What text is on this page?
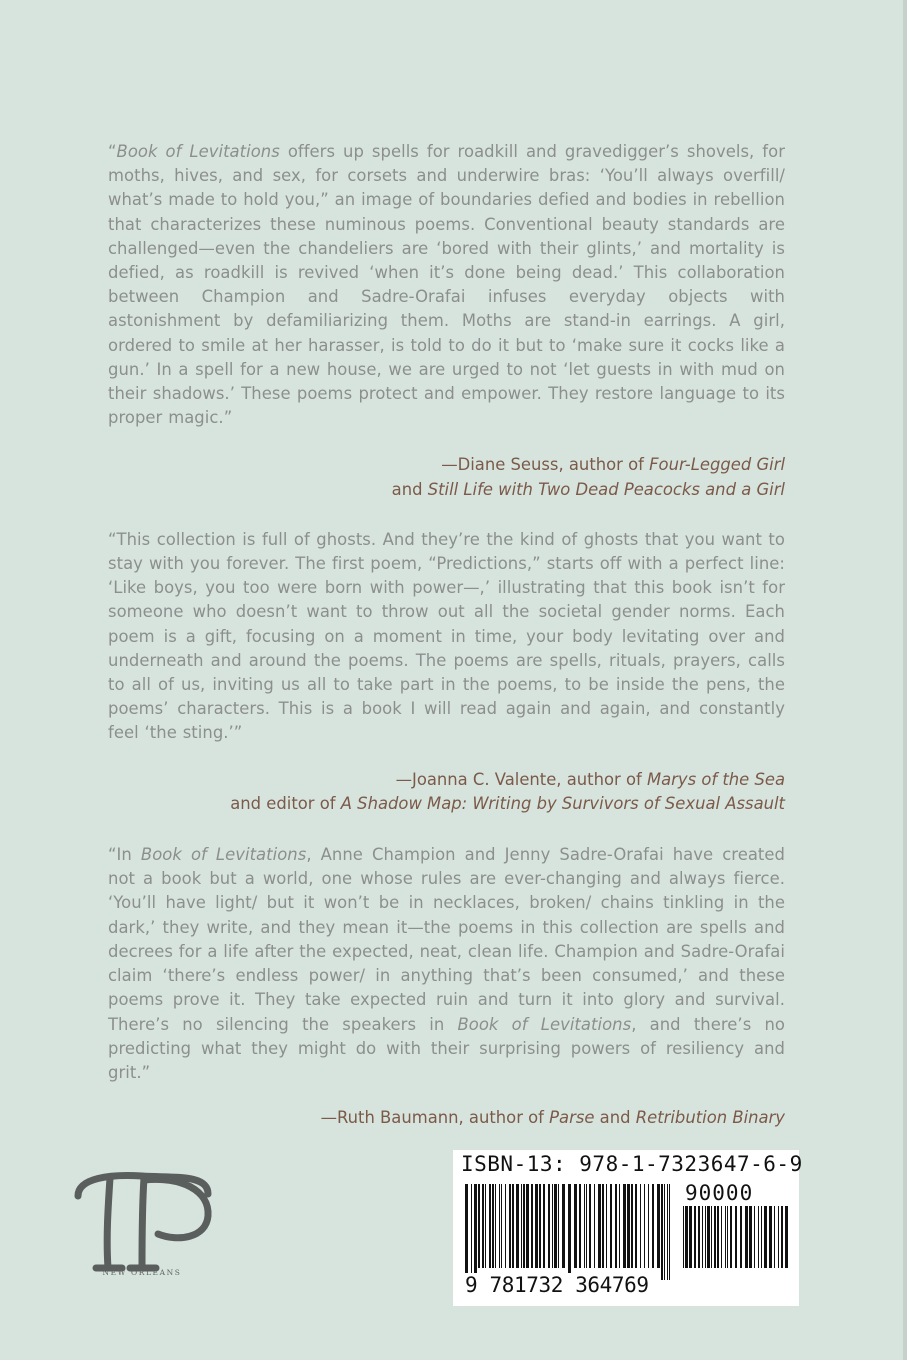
“Book of Levitations offers up spells for roadkill and gravedigger’s shovels, for moths, hives, and sex, for corsets and underwire bras: ‘You’ll always overfill/ what’s made to hold you,” an image of boundaries defied and bodies in rebellion that characterizes these numinous poems. Conventional beauty standards are challenged—even the chandeliers are ‘bored with their glints,’ and mortality is defied, as roadkill is revived ‘when it’s done being dead.’ This collaboration between Champion and Sadre-Orafai infuses everyday objects with astonishment by defamiliarizing them. Moths are stand-in earrings. A girl, ordered to smile at her harasser, is told to do it but to ‘make sure it cocks like a gun.’ In a spell for a new house, we are urged to not ‘let guests in with mud on their shadows.’ These poems protect and empower. They restore language to its proper magic.”

—Diane Seuss, author of Four-Legged Girl
and Still Life with Two Dead Peacocks and a Girl

“This collection is full of ghosts. And they’re the kind of ghosts that you want to stay with you forever. The first poem, “Predictions,” starts off with a perfect line: ‘Like boys, you too were born with power—,’ illustrating that this book isn’t for someone who doesn’t want to throw out all the societal gender norms. Each poem is a gift, focusing on a moment in time, your body levitating over and underneath and around the poems. The poems are spells, rituals, prayers, calls to all of us, inviting us all to take part in the poems, to be inside the pens, the poems’ characters. This is a book I will read again and again, and constantly feel ‘the sting.’”

—Joanna C. Valente, author of Marys of the Sea
and editor of A Shadow Map: Writing by Survivors of Sexual Assault

“In Book of Levitations, Anne Champion and Jenny Sadre-Orafai have created not a book but a world, one whose rules are ever-changing and always fierce. ‘You’ll have light/ but it won’t be in necklaces, broken/ chains tinkling in the dark,’ they write, and they mean it—the poems in this collection are spells and decrees for a life after the expected, neat, clean life. Champion and Sadre-Orafai claim ‘there’s endless power/ in anything that’s been consumed,’ and these poems prove it. They take expected ruin and turn it into glory and survival. There’s no silencing the speakers in Book of Levitations, and there’s no predicting what they might do with their surprising powers of resiliency and grit.”

—Ruth Baumann, author of Parse and Retribution Binary

NEW ORLEANS
ISBN-13: 978-1-7323647-6-9
90000
9 781732 364769
